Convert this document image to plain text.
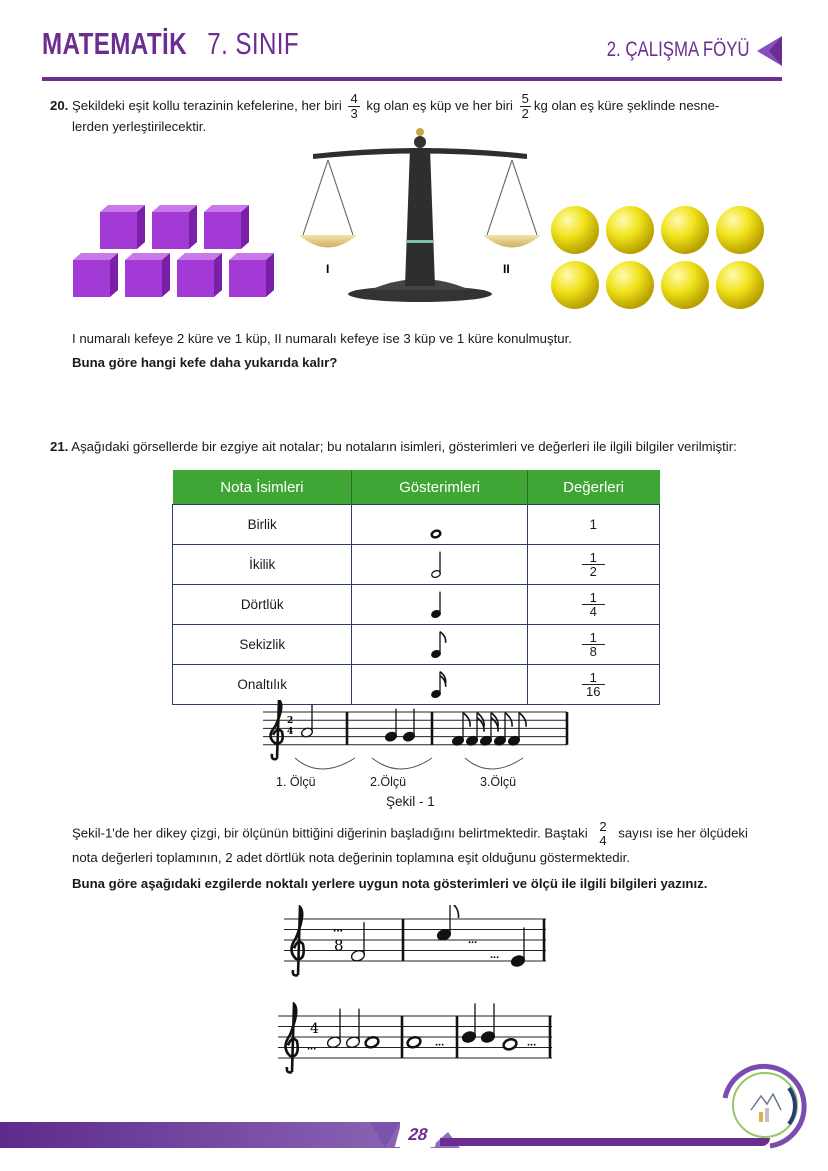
MATEMATİK 7. SINIF	2. ÇALIŞMA FÖYÜ
20. Şekildeki eşit kollu terazinin kefelerine, her biri $\frac{4}{3}$ kg olan eş küp ve her biri $\frac{5}{2}$ kg olan eş küre şeklinde nesne-
lerden yerleştirilecektir.
I	II
I numaralı kefeye 2 küre ve 1 küp, II numaralı kefeye ise 3 küp ve 1 küre konulmuştur.
Buna göre hangi kefe daha yukarıda kalır?
21. Aşağıdaki görsellerde bir ezgiye ait notalar; bu notaların isimleri, gösterimleri ve değerleri ile ilgili bilgiler verilmiştir:
Nota İsimleri	Gösterimleri	Değerleri
Birlik		1
İkilik		$\frac{1}{2}$

Dörtlük		$\frac{1}{4}$

Sekizlik		$\frac{1}{8}$

Onaltılık		$\frac{1}{16}$
2
4
1. Ölçü	2.Ölçü	3.Ölçü
Şekil - 1
Şekil-1'de her dikey çizgi, bir ölçünün bittiğini diğerinin başladığını belirtmektedir. Baştaki 2
4
sayısı ise her ölçüdeki
nota değerleri toplamının, 2 adet dörtlük nota değerinin toplamına eşit olduğunu göstermektedir.
Buna göre aşağıdaki ezgilerde noktalı yerlere uygun nota gösterimleri ve ölçü ile ilgili bilgileri yazınız.
...
8	...
...
4
...	...	...
28
